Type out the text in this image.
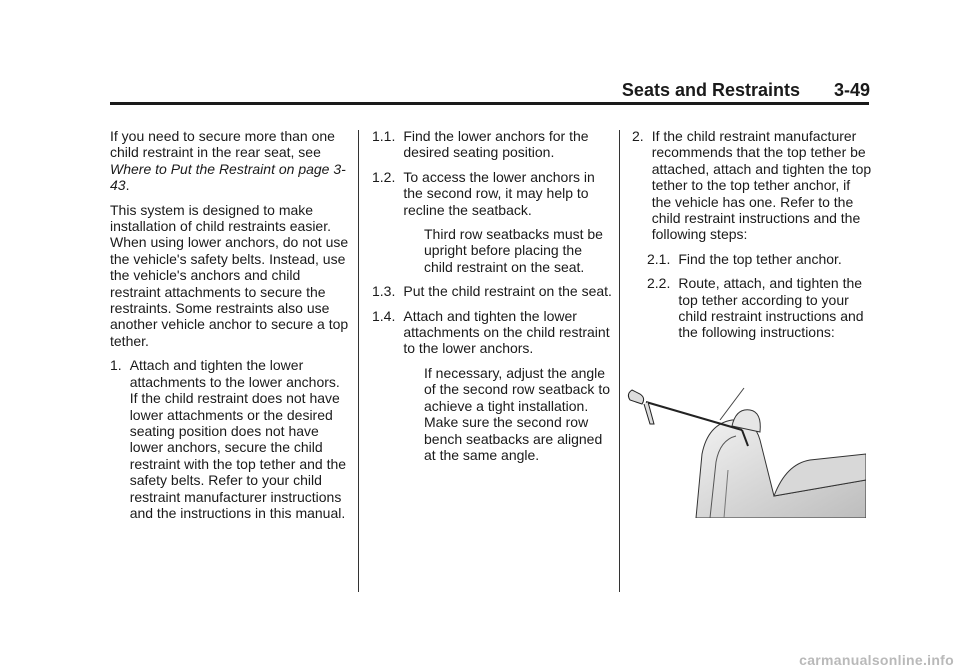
Seats and Restraints 3-49

If you need to secure more than one child restraint in the rear seat, see Where to Put the Restraint on page 3-43.

This system is designed to make installation of child restraints easier. When using lower anchors, do not use the vehicle's safety belts. Instead, use the vehicle's anchors and child restraint attachments to secure the restraints. Some restraints also use another vehicle anchor to secure a top tether.

1. Attach and tighten the lower attachments to the lower anchors. If the child restraint does not have lower attachments or the desired seating position does not have lower anchors, secure the child restraint with the top tether and the safety belts. Refer to your child restraint manufacturer instructions and the instructions in this manual.
1.1. Find the lower anchors for the desired seating position.
1.2. To access the lower anchors in the second row, it may help to recline the seatback.

Third row seatbacks must be upright before placing the child restraint on the seat.

1.3. Put the child restraint on the seat.
1.4. Attach and tighten the lower attachments on the child restraint to the lower anchors.

If necessary, adjust the angle of the second row seatback to achieve a tight installation. Make sure the second row bench seatbacks are aligned at the same angle.

2. If the child restraint manufacturer recommends that the top tether be attached, attach and tighten the top tether to the top tether anchor, if the vehicle has one. Refer to the child restraint instructions and the following steps:
2.1. Find the top tether anchor.
2.2. Route, attach, and tighten the top tether according to your child restraint instructions and the following instructions:
carmanualsonline.info
